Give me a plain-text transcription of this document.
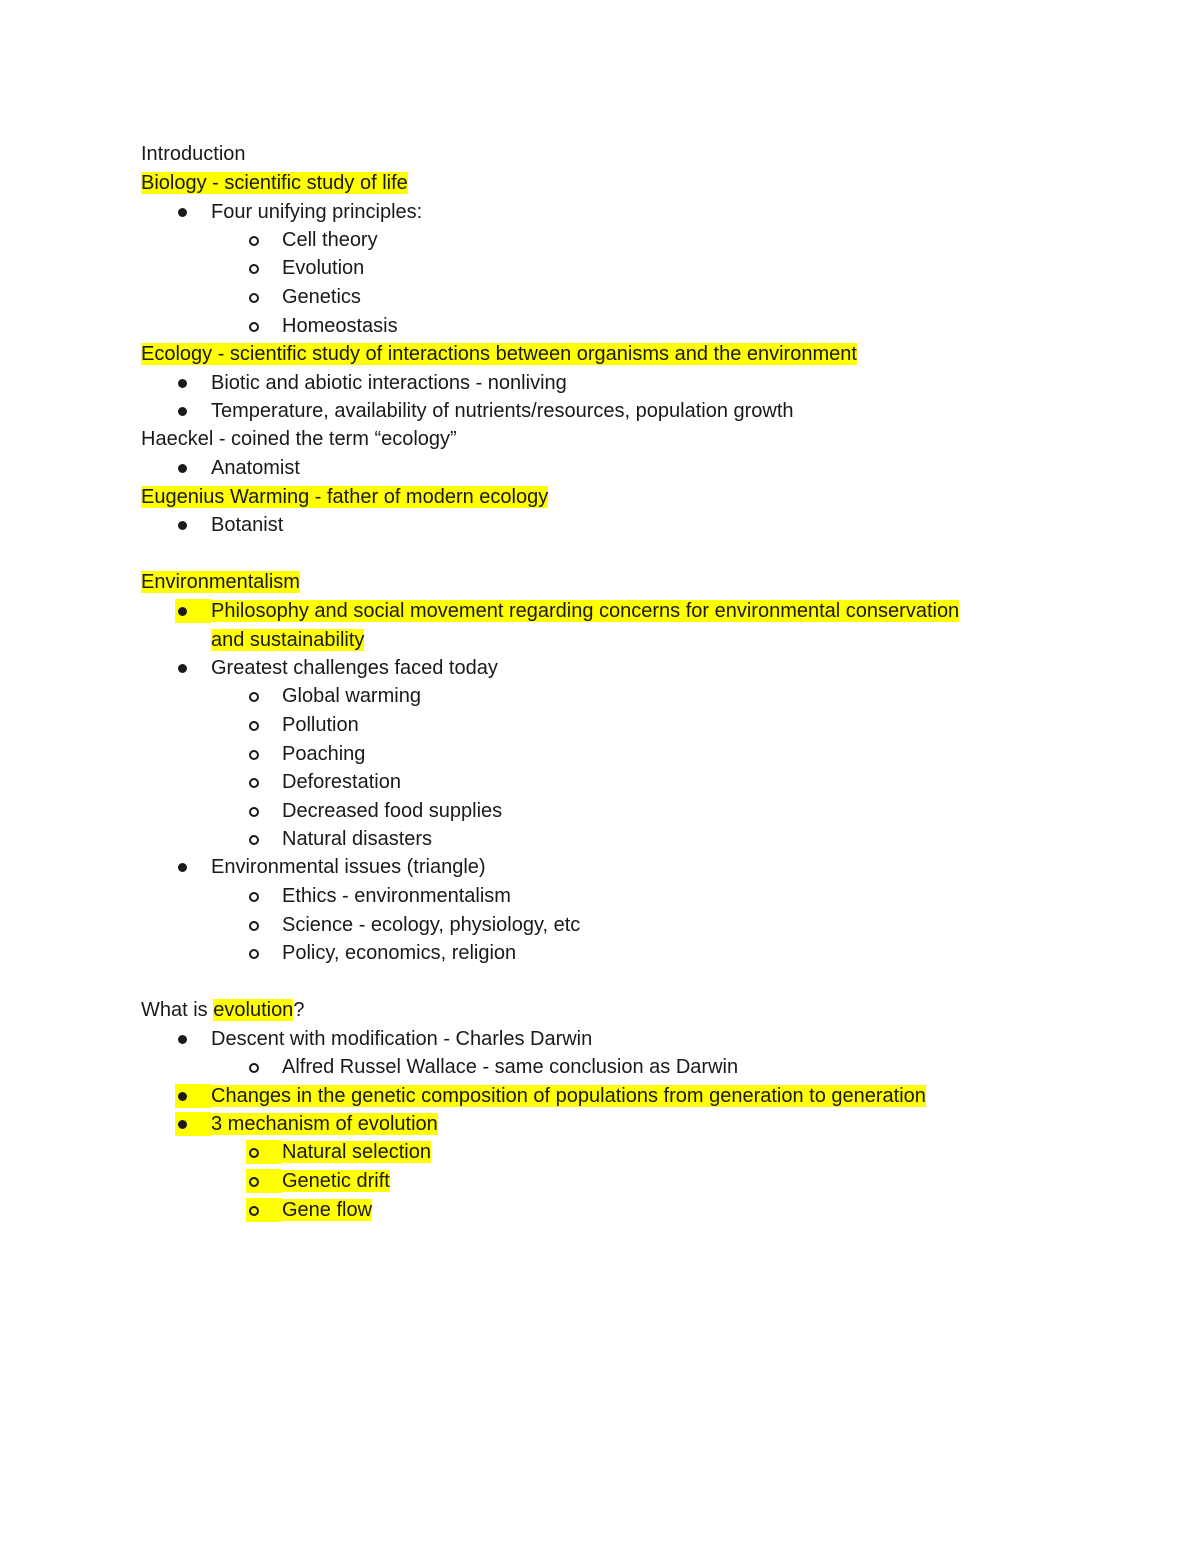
Introduction
Biology - scientific study of life
Four unifying principles:
Cell theory
Evolution
Genetics
Homeostasis
Ecology - scientific study of interactions between organisms and the environment
Biotic and abiotic interactions - nonliving
Temperature, availability of nutrients/resources, population growth
Haeckel - coined the term “ecology”
Anatomist
Eugenius Warming - father of modern ecology
Botanist
Environmentalism
Philosophy and social movement regarding concerns for environmental conservation
and sustainability
Greatest challenges faced today
Global warming
Pollution
Poaching
Deforestation
Decreased food supplies
Natural disasters
Environmental issues (triangle)
Ethics - environmentalism
Science - ecology, physiology, etc
Policy, economics, religion
What is evolution?
Descent with modification - Charles Darwin
Alfred Russel Wallace - same conclusion as Darwin
Changes in the genetic composition of populations from generation to generation
3 mechanism of evolution
Natural selection
Genetic drift
Gene flow
